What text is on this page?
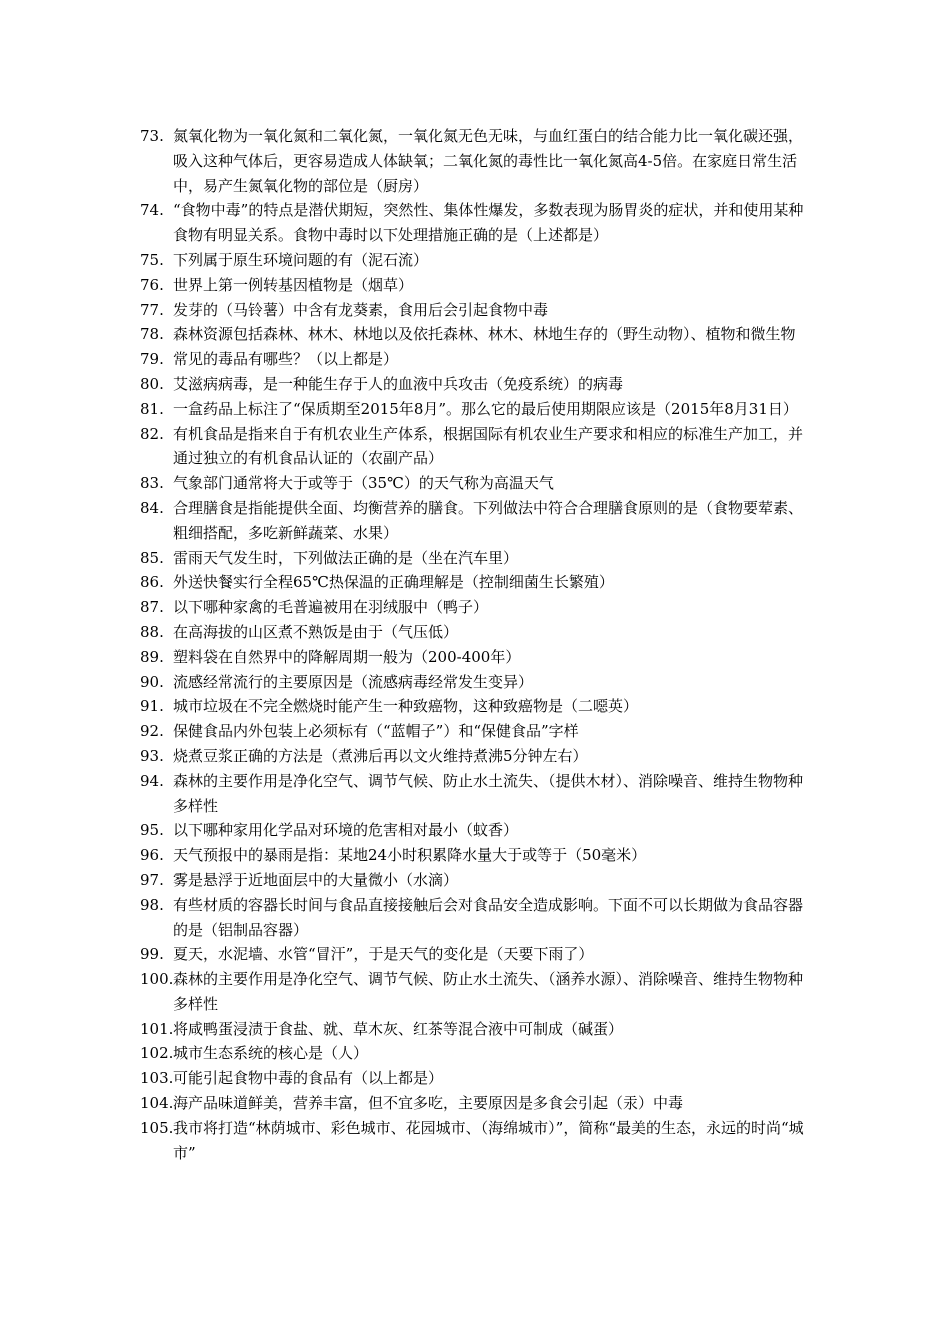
73. 氮氧化物为一氧化氮和二氧化氮，一氧化氮无色无味，与血红蛋白的结合能力比一氧化碳还强，吸入这种气体后，更容易造成人体缺氧；二氧化氮的毒性比一氧化氮高4-5倍。在家庭日常生活中，易产生氮氧化物的部位是（厨房）
74. “食物中毒”的特点是潜伏期短，突然性、集体性爆发，多数表现为肠胃炎的症状，并和使用某种食物有明显关系。食物中毒时以下处理措施正确的是（上述都是）
75. 下列属于原生环境问题的有（泥石流）
76. 世界上第一例转基因植物是（烟草）
77. 发芽的（马铃薯）中含有龙葵素，食用后会引起食物中毒
78. 森林资源包括森林、林木、林地以及依托森林、林木、林地生存的（野生动物）、植物和微生物
79. 常见的毒品有哪些？（以上都是）
80. 艾滋病病毒，是一种能生存于人的血液中兵攻击（免疫系统）的病毒
81. 一盒药品上标注了“保质期至2015年8月”。那么它的最后使用期限应该是（2015年8月31日）
82. 有机食品是指来自于有机农业生产体系，根据国际有机农业生产要求和相应的标准生产加工，并通过独立的有机食品认证的（农副产品）
83. 气象部门通常将大于或等于（35℃）的天气称为高温天气
84. 合理膳食是指能提供全面、均衡营养的膳食。下列做法中符合合理膳食原则的是（食物要荤素、粗细搭配，多吃新鲜蔬菜、水果）
85. 雷雨天气发生时，下列做法正确的是（坐在汽车里）
86. 外送快餐实行全程65℃热保温的正确理解是（控制细菌生长繁殖）
87. 以下哪种家禽的毛普遍被用在羽绒服中（鸭子）
88. 在高海拔的山区煮不熟饭是由于（气压低）
89. 塑料袋在自然界中的降解周期一般为（200-400年）
90. 流感经常流行的主要原因是（流感病毒经常发生变异）
91. 城市垃圾在不完全燃烧时能产生一种致癌物，这种致癌物是（二噁英）
92. 保健食品内外包装上必须标有（“蓝帽子”）和“保健食品”字样
93. 烧煮豆浆正确的方法是（煮沸后再以文火维持煮沸5分钟左右）
94. 森林的主要作用是净化空气、调节气候、防止水土流失、（提供木材）、消除噪音、维持生物物种多样性
95. 以下哪种家用化学品对环境的危害相对最小（蚊香）
96. 天气预报中的暴雨是指：某地24小时积累降水量大于或等于（50毫米）
97. 雾是悬浮于近地面层中的大量微小（水滴）
98. 有些材质的容器长时间与食品直接接触后会对食品安全造成影响。下面不可以长期做为食品容器的是（铝制品容器）
99. 夏天，水泥墙、水管“冒汗”，于是天气的变化是（天要下雨了）
100. 森林的主要作用是净化空气、调节气候、防止水土流失、（涵养水源）、消除噪音、维持生物物种多样性
101. 将咸鸭蛋浸渍于食盐、就、草木灰、红茶等混合液中可制成（碱蛋）
102. 城市生态系统的核心是（人）
103. 可能引起食物中毒的食品有（以上都是）
104. 海产品味道鲜美，营养丰富，但不宜多吃，主要原因是多食会引起（汞）中毒
105. 我市将打造“林荫城市、彩色城市、花园城市、（海绵城市）”，简称“最美的生态，永远的时尚“城市”
